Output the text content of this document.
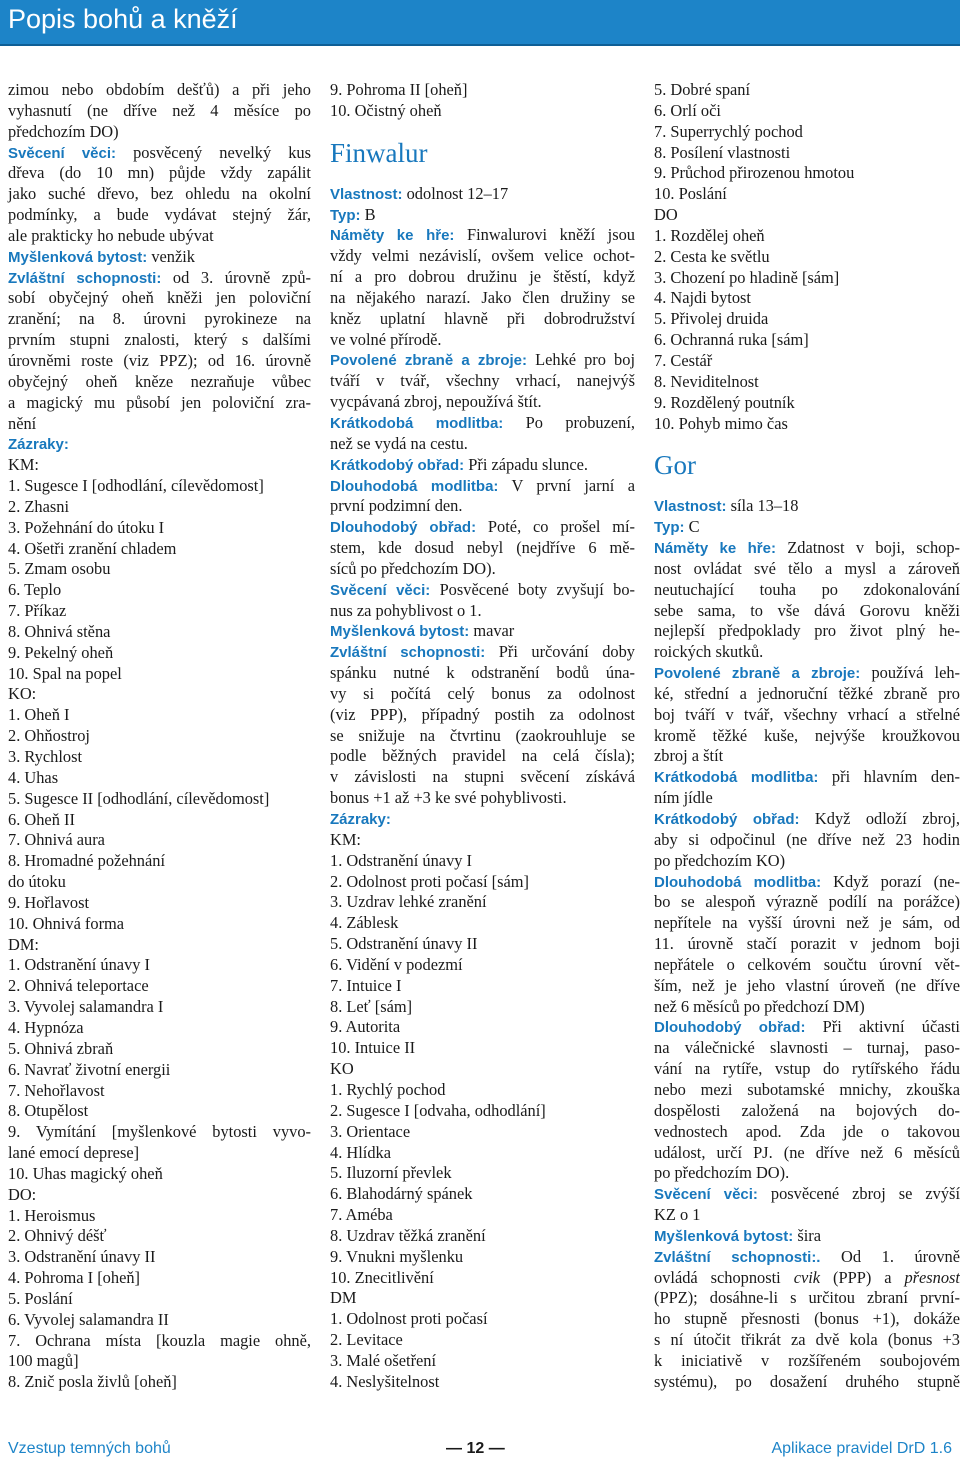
Popis bohů a kněží
zimou nebo obdobím dešťů) a při jeho
vyhasnutí (ne dříve než 4 měsíce po
předchozím DO)
Svěcení věci: posvěcený nevelký kus
dřeva (do 10 mn) půjde vždy zapálit
jako suché dřevo, bez ohledu na okolní
podmínky, a bude vydávat stejný žár,
ale prakticky ho nebude ubývat
Myšlenková bytost: venžik
Zvláštní schopnosti: od 3. úrovně způ-
sobí obyčejný oheň kněži jen poloviční
zranění; na 8. úrovni pyrokineze na
prvním stupni znalosti, který s dalšími
úrovněmi roste (viz PPZ); od 16. úrovně
obyčejný oheň kněze nezraňuje vůbec
a magický mu působí jen poloviční zra-
nění
Zázraky:
KM:
1. Sugesce I [odhodlání, cílevědomost]
2. Zhasni
3. Požehnání do útoku I
4. Ošetři zranění chladem
5. Zmam osobu
6. Teplo
7. Příkaz
8. Ohnivá stěna
9. Pekelný oheň
10. Spal na popel
KO:
1. Oheň I
2. Ohňostroj
3. Rychlost
4. Uhas
5. Sugesce II [odhodlání, cílevědomost]
6. Oheň II
7. Ohnivá aura
8. Hromadné požehnání
do útoku
9. Hořlavost
10. Ohnivá forma
DM:
1. Odstranění únavy I
2. Ohnivá teleportace
3. Vyvolej salamandra I
4. Hypnóza
5. Ohnivá zbraň
6. Navrať životní energii
7. Nehořlavost
8. Otupělost
9. Vymítání [myšlenkové bytosti vyvo-
lané emocí deprese]
10. Uhas magický oheň
DO:
1. Heroismus
2. Ohnivý déšť
3. Odstranění únavy II
4. Pohroma I [oheň]
5. Poslání
6. Vyvolej salamandra II
7. Ochrana místa [kouzla magie ohně,
100 magů]
8. Znič posla živlů [oheň]
9. Pohroma II [oheň]
10. Očistný oheň
Finwalur
Vlastnost: odolnost 12–17
Typ: B
Náměty ke hře: Finwalurovi kněží jsou
vždy velmi nezávislí, ovšem velice ochot-
ní a pro dobrou družinu je štěstí, když
na nějakého narazí. Jako člen družiny se
kněz uplatní hlavně při dobrodružství
ve volné přírodě.
Povolené zbraně a zbroje: Lehké pro boj
tváří v tvář, všechny vrhací, nanejvýš
vycpávaná zbroj, nepoužívá štít.
Krátkodobá modlitba: Po probuzení,
než se vydá na cestu.
Krátkodobý obřad: Při západu slunce.
Dlouhodobá modlitba: V první jarní a
první podzimní den.
Dlouhodobý obřad: Poté, co prošel mí-
stem, kde dosud nebyl (nejdříve 6 mě-
síců po předchozím DO).
Svěcení věci: Posvěcené boty zvyšují bo-
nus za pohyblivost o 1.
Myšlenková bytost: mavar
Zvláštní schopnosti: Při určování doby
spánku nutné k odstranění bodů úna-
vy si počítá celý bonus za odolnost
(viz PPP), případný postih za odolnost
se snižuje na čtvrtinu (zaokrouhluje se
podle běžných pravidel na celá čísla);
v závislosti na stupni svěcení získává
bonus +1 až +3 ke své pohyblivosti.
Zázraky:
KM:
1. Odstranění únavy I
2. Odolnost proti počasí [sám]
3. Uzdrav lehké zranění
4. Záblesk
5. Odstranění únavy II
6. Vidění v podezmí
7. Intuice I
8. Leť [sám]
9. Autorita
10. Intuice II
KO
1. Rychlý pochod
2. Sugesce I [odvaha, odhodlání]
3. Orientace
4. Hlídka
5. Iluzorní převlek
6. Blahodárný spánek
7. Améba
8. Uzdrav těžká zranění
9. Vnukni myšlenku
10. Znecitlivění
DM
1. Odolnost proti počasí
2. Levitace
3. Malé ošetření
4. Neslyšitelnost
5. Dobré spaní
6. Orlí oči
7. Superrychlý pochod
8. Posílení vlastnosti
9. Průchod přirozenou hmotou
10. Poslání
DO
1. Rozdělej oheň
2. Cesta ke světlu
3. Chození po hladině [sám]
4. Najdi bytost
5. Přivolej druida
6. Ochranná ruka [sám]
7. Cestář
8. Neviditelnost
9. Rozdělený poutník
10. Pohyb mimo čas
Gor
Vlastnost: síla 13–18
Typ: C
Náměty ke hře: Zdatnost v boji, schop-
nost ovládat své tělo a mysl a zároveň
neutuchající touha po zdokonalování
sebe sama, to vše dává Gorovu kněži
nejlepší předpoklady pro život plný he-
roických skutků.
Povolené zbraně a zbroje: používá leh-
ké, střední a jednoruční těžké zbraně pro
boj tváří v tvář, všechny vrhací a střelné
kromě těžké kuše, nejvýše kroužkovou
zbroj a štít
Krátkodobá modlitba: při hlavním den-
ním jídle
Krátkodobý obřad: Když odloží zbroj,
aby si odpočinul (ne dříve než 23 hodin
po předchozím KO)
Dlouhodobá modlitba: Když porazí (ne-
bo se alespoň výrazně podílí na porážce)
nepřítele na vyšší úrovni než je sám, od
11. úrovně stačí porazit v jednom boji
nepřátele o celkovém součtu úrovní vět-
ším, než je jeho vlastní úroveň (ne dříve
než 6 měsíců po předchozí DM)
Dlouhodobý obřad: Při aktivní účasti
na válečnické slavnosti – turnaj, paso-
vání na rytíře, vstup do rytířského řádu
nebo mezi subotamské mnichy, zkouška
dospělosti založená na bojových do-
vednostech apod. Zda jde o takovou
událost, určí PJ. (ne dříve než 6 měsíců
po předchozím DO).
Svěcení věci: posvěcené zbroj se zvýší
KZ o 1
Myšlenková bytost: šira
Zvláštní schopnosti:. Od 1. úrovně
ovládá schopnosti cvik (PPP) a přesnost
(PPZ); dosáhne-li s určitou zbraní první-
ho stupně přesnosti (bonus +1), dokáže
s ní útočit třikrát za dvě kola (bonus +3
k iniciativě v rozšířeném soubojovém
systému), po dosažení druhého stupně
Vzestup temných bohů	— 12 —	Aplikace pravidel DrD 1.6
